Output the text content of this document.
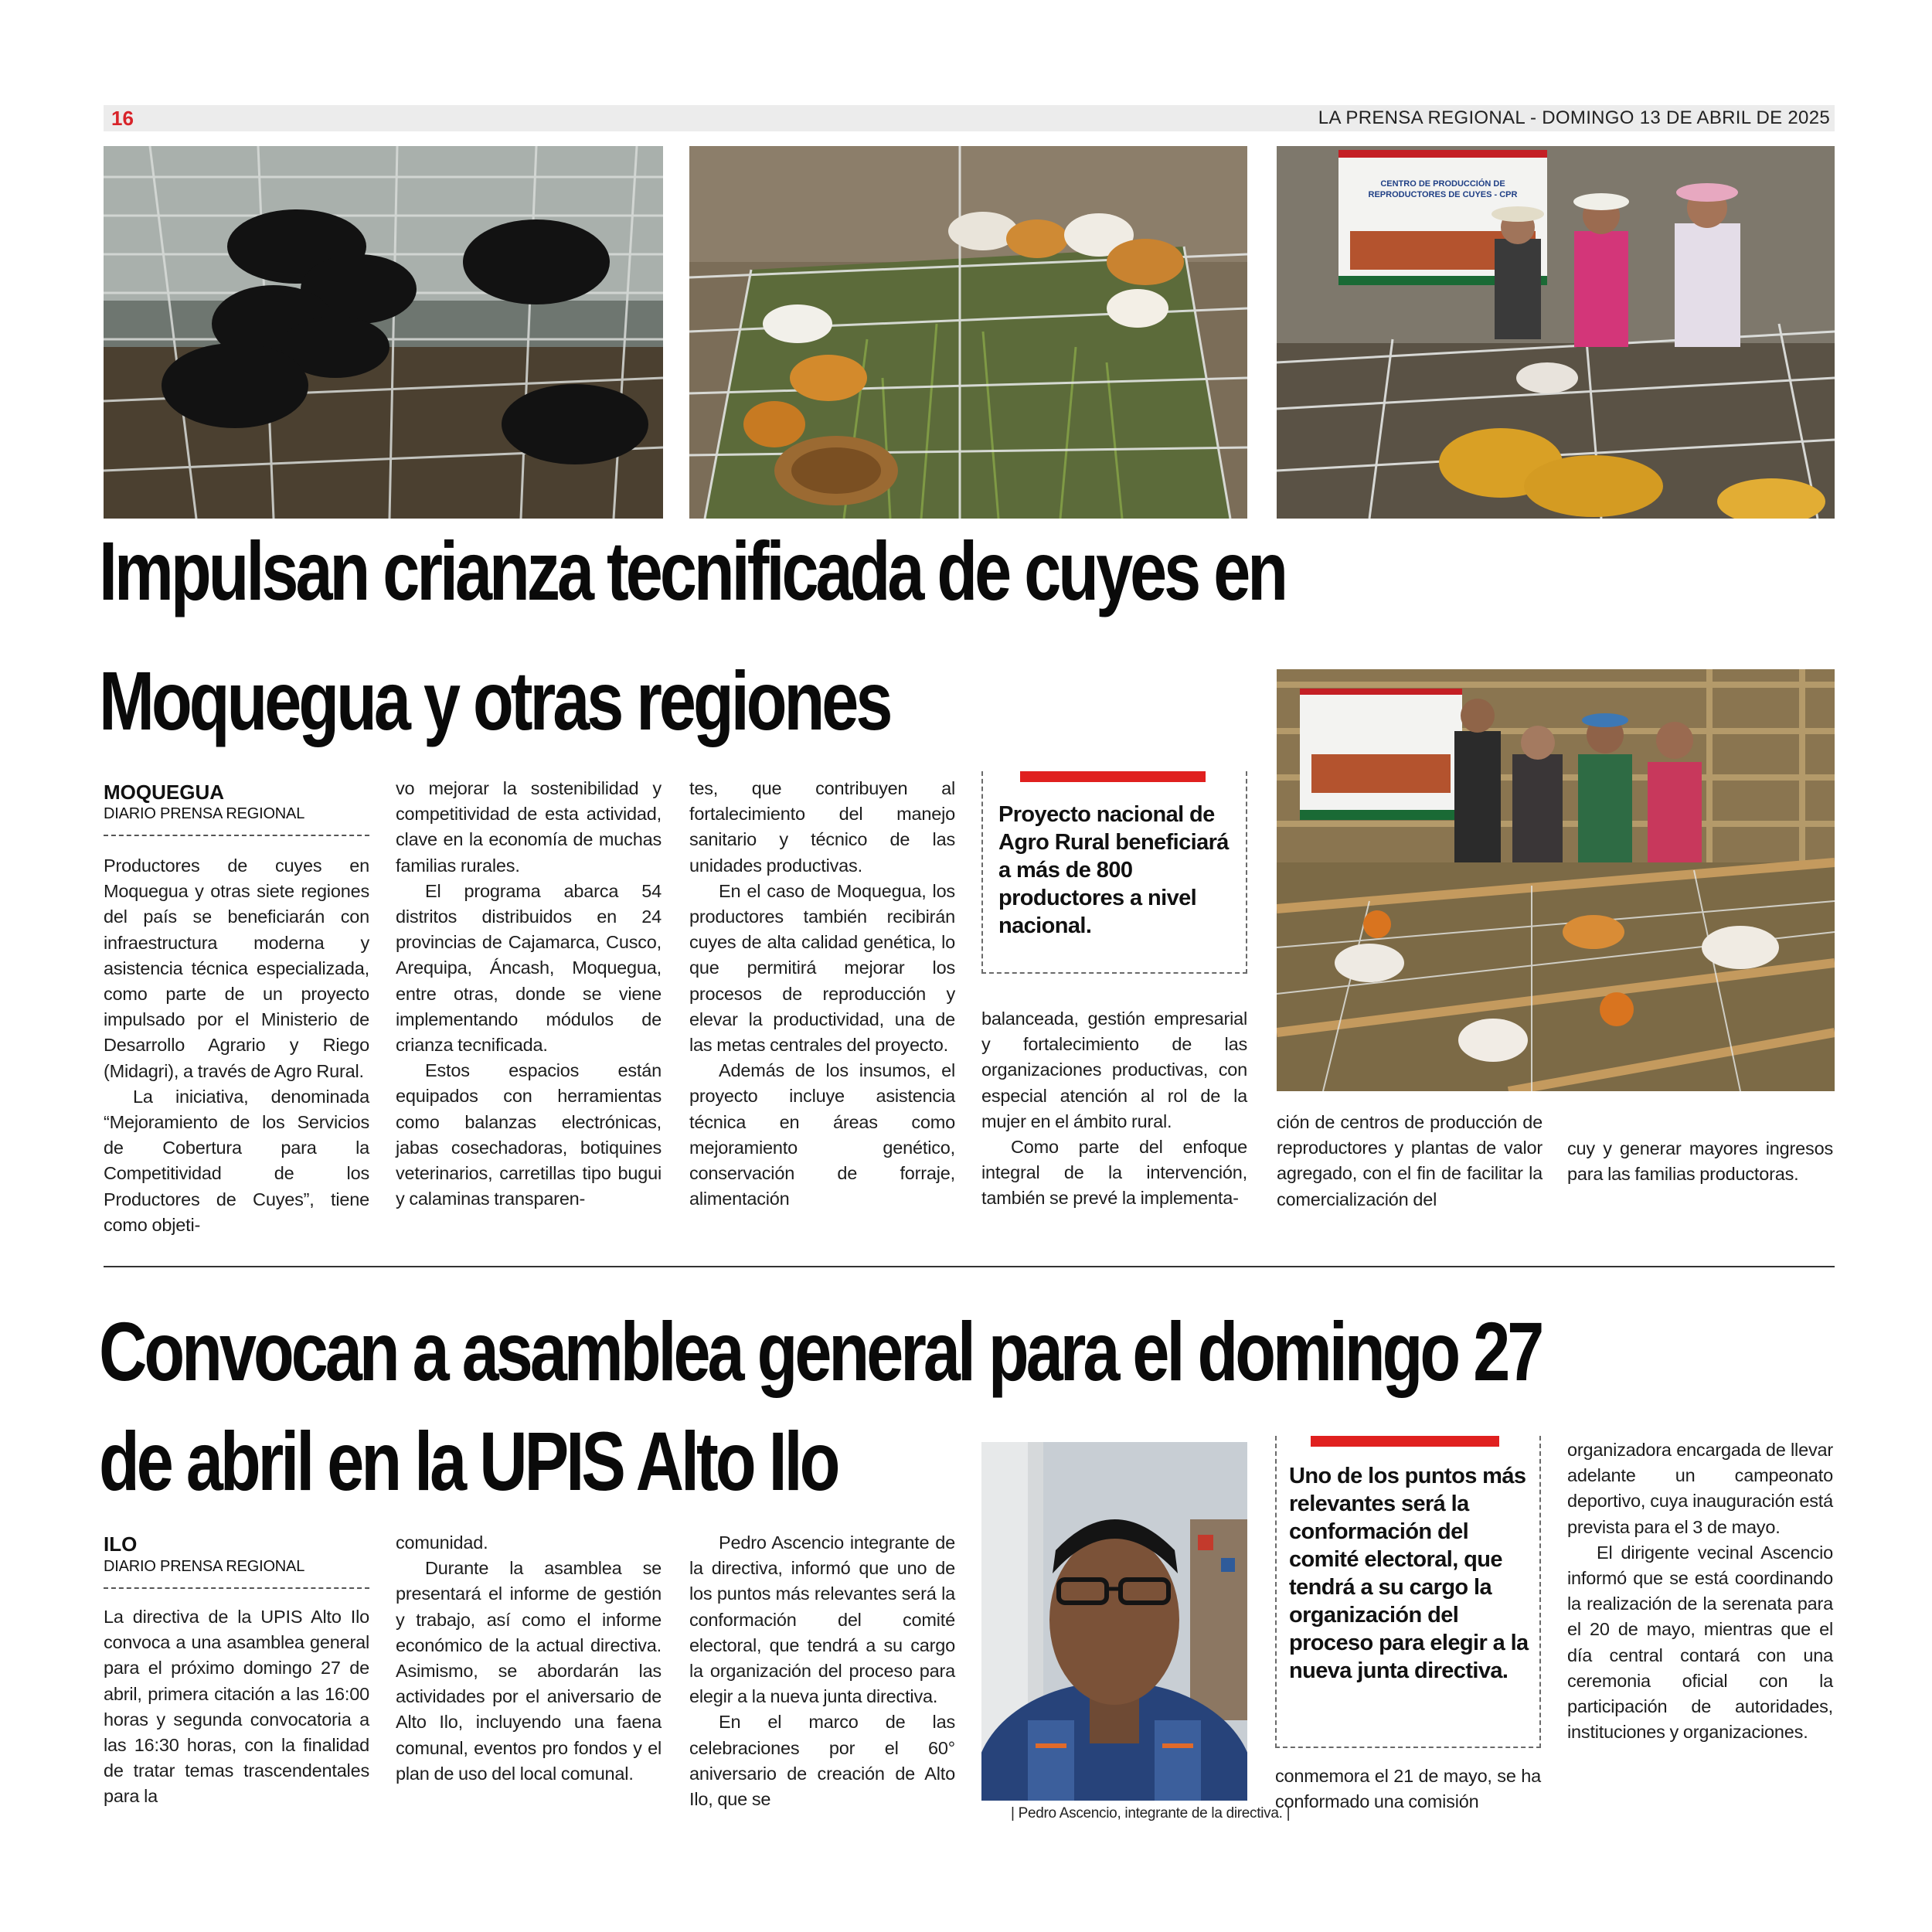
16	LA PRENSA REGIONAL - DOMINGO 13 DE ABRIL DE 2025
CENTRO DE PRODUCCIÓN DE
REPRODUCTORES DE CUYES - CPR
Impulsan crianza tecnificada de cuyes en
Moquegua y otras regiones
MOQUEGUA
DIARIO PRENSA REGIONAL

Productores de cuyes en Moquegua y otras siete regiones del país se beneficiarán con infraestructura moderna y asistencia técnica especializada, como parte de un proyecto impulsado por el Ministerio de Desarrollo Agrario y Riego (Midagri), a través de Agro Rural.

La iniciativa, denominada “Mejoramiento de los Servicios de Cobertura para la Competitividad de los Productores de Cuyes”, tiene como objeti-

vo mejorar la sostenibilidad y competitividad de esta actividad, clave en la economía de muchas familias rurales.

El programa abarca 54 distritos distribuidos en 24 provincias de Cajamarca, Cusco, Arequipa, Áncash, Moquegua, entre otras, donde se viene implementando módulos de crianza tecnificada.

Estos espacios están equipados con herramientas como balanzas electrónicas, jabas cosechadoras, botiquines veterinarios, carretillas tipo bugui y calaminas transparen-

tes, que contribuyen al fortalecimiento del manejo sanitario y técnico de las unidades productivas.

En el caso de Moquegua, los productores también recibirán cuyes de alta calidad genética, lo que permitirá mejorar los procesos de reproducción y elevar la productividad, una de las metas centrales del proyecto.

Además de los insumos, el proyecto incluye asistencia técnica en áreas como mejoramiento genético, conservación de forraje, alimentación

Proyecto nacional de Agro Rural beneficiará a más de 800 productores a nivel nacional.

balanceada, gestión empresarial y fortalecimiento de las organizaciones productivas, con especial atención al rol de la mujer en el ámbito rural.

Como parte del enfoque integral de la intervención, también se prevé la implementa-

ción de centros de producción de reproductores y plantas de valor agregado, con el fin de facilitar la comercialización del

cuy y generar mayores ingresos para las familias productoras.

Convocan a asamblea general para el domingo 27
de abril en la UPIS Alto Ilo
ILO
DIARIO PRENSA REGIONAL

La directiva de la UPIS Alto Ilo convoca a una asamblea general para el próximo domingo 27 de abril, primera citación a las 16:00 horas y segunda convocatoria a las 16:30 horas, con la finalidad de tratar temas trascendentales para la

comunidad.

Durante la asamblea se presentará el informe de gestión y trabajo, así como el informe económico de la actual directiva. Asimismo, se abordarán las actividades por el aniversario de Alto Ilo, incluyendo una faena comunal, eventos pro fondos y el plan de uso del local comunal.

Pedro Ascencio integrante de la directiva, informó que uno de los puntos más relevantes será la conformación del comité electoral, que tendrá a su cargo la organización del proceso para elegir a la nueva junta directiva.

En el marco de las celebraciones por el 60° aniversario de creación de Alto Ilo, que se

| Pedro Ascencio, integrante de la directiva. |
Uno de los puntos más relevantes será la conformación del comité electoral, que tendrá a su cargo la organización del proceso para elegir a la nueva junta directiva.

conmemora el 21 de mayo, se ha conformado una comisión

organizadora encargada de llevar adelante un campeonato deportivo, cuya inauguración está prevista para el 3 de mayo.

El dirigente vecinal Ascencio informó que se está coordinando la realización de la serenata para el 20 de mayo, mientras que el día central contará con una ceremonia oficial con la participación de autoridades, instituciones y organizaciones.
